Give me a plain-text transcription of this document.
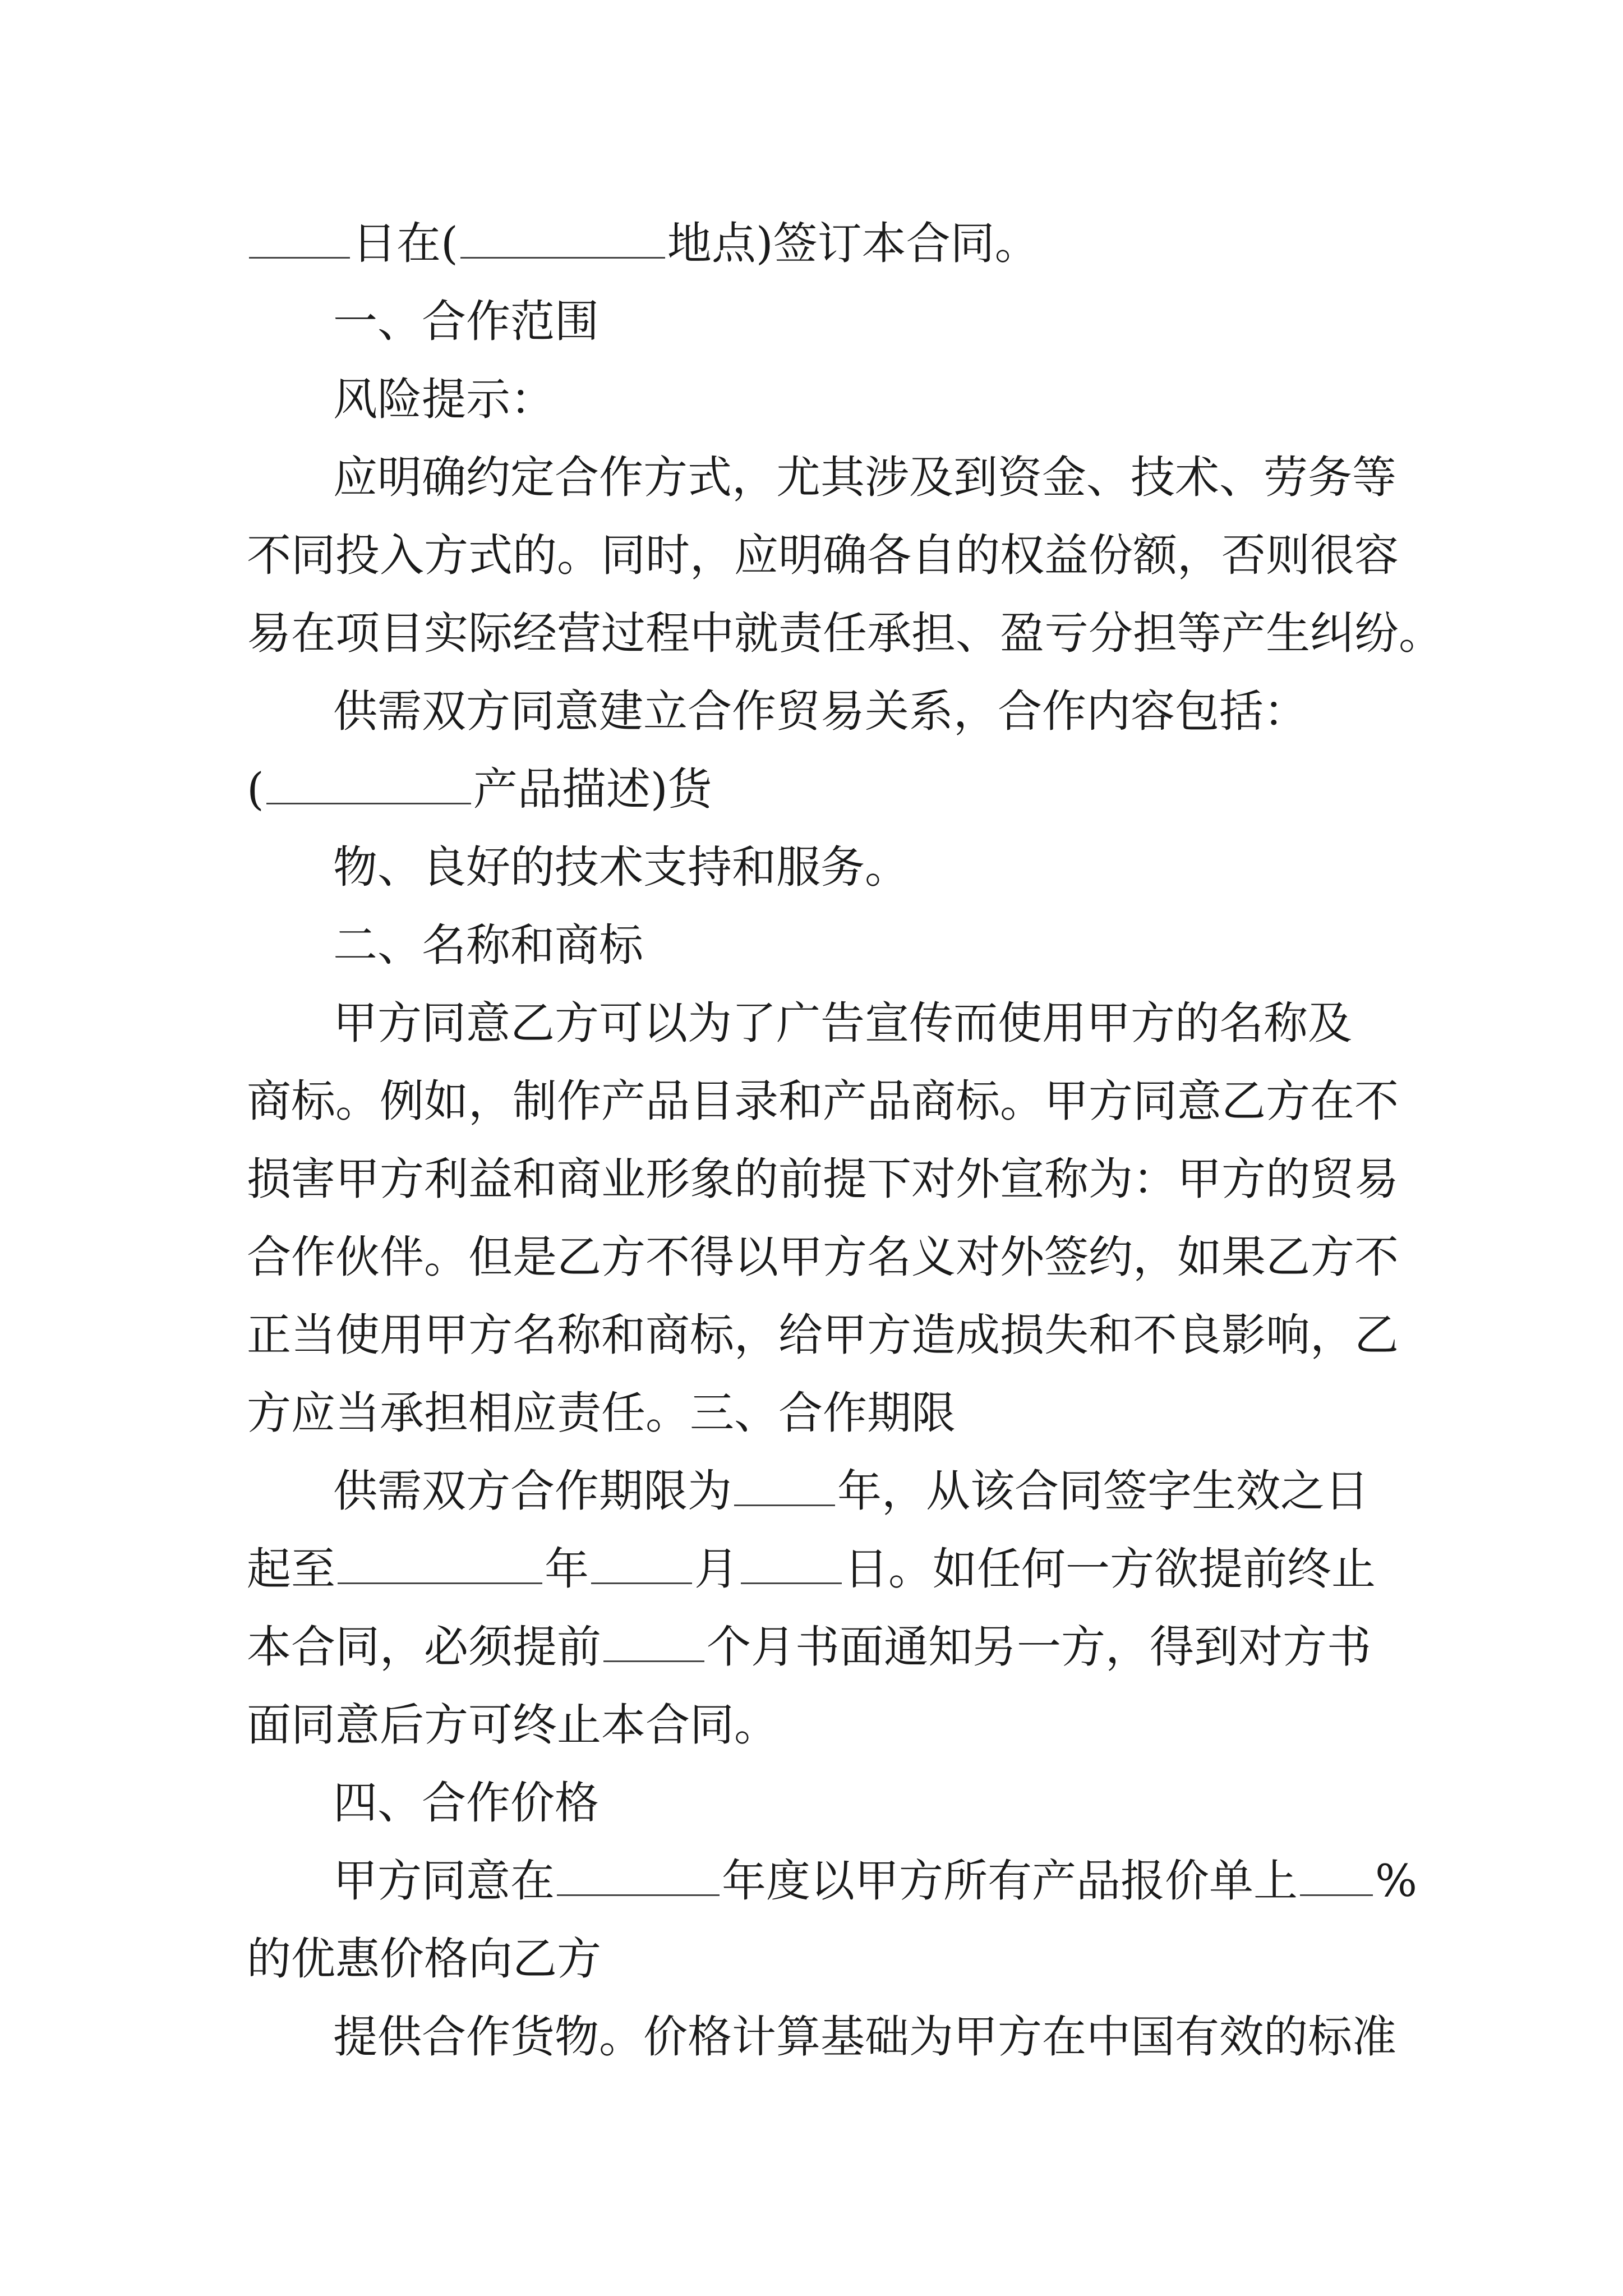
日在(	地点)签订本合同。
一、合作范围
风险提示：
应明确约定合作方式，尤其涉及到资金、技术、劳务等
不同投入方式的。同时，应明确各自的权益份额，否则很容
易在项目实际经营过程中就责任承担、盈亏分担等产生纠纷。
供需双方同意建立合作贸易关系，合作内容包括：
(	产品描述)货
物、良好的技术支持和服务。
二、名称和商标
甲方同意乙方可以为了广告宣传而使用甲方的名称及
商标。例如，制作产品目录和产品商标。甲方同意乙方在不
损害甲方利益和商业形象的前提下对外宣称为：甲方的贸易
合作伙伴。但是乙方不得以甲方名义对外签约，如果乙方不
正当使用甲方名称和商标，给甲方造成损失和不良影响，乙
方应当承担相应责任。三、合作期限
供需双方合作期限为 年，从该合同签字生效之日
起至	年 月 日。如任何一方欲提前终止
本合同，必须提前 个月书面通知另一方，得到对方书
面同意后方可终止本合同。
四、合作价格
甲方同意在	年度以甲方所有产品报价单上 %
的优惠价格向乙方
提供合作货物。价格计算基础为甲方在中国有效的标准
